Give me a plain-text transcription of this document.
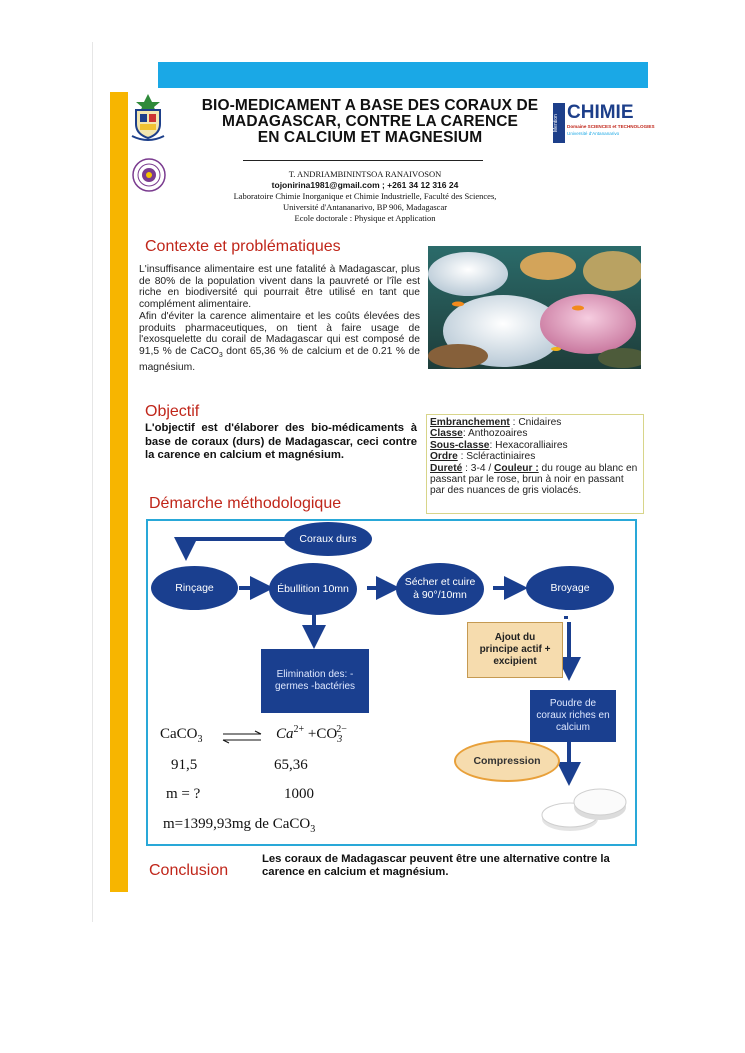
Mention
CHIMIE
Domaine SCIENCES et TECHNOLOGIES
Université d'Antananarivo
BIO-MEDICAMENT A BASE DES CORAUX DE
MADAGASCAR, CONTRE LA CARENCE
EN CALCIUM ET MAGNESIUM
T. ANDRIAMBININTSOA RANAIVOSON
tojonirina1981@gmail.com ; +261 34 12 316 24
Laboratoire Chimie Inorganique et Chimie Industrielle, Faculté des Sciences,
Université d'Antananarivo, BP 906, Madagascar
Ecole doctorale : Physique et Application
Contexte et problématiques
L'insuffisance alimentaire est une fatalité à Madagascar, plus de 80% de la population vivent dans la pauvreté or l'île est riche en biodiversité qui pourrait être utilisé en tant que complément alimentaire.
Afin d'éviter la carence alimentaire et les coûts élevées des produits pharmaceutiques, on tient à faire usage de l'exosquelette du corail de Madagascar qui est composé de 91,5 % de CaCO$_3$ dont 65,36 % de calcium et de 0.21 % de magnésium.
Objectif
L'objectif est d'élaborer des bio-médicaments à base de coraux (durs) de Madagascar, ceci contre la carence en calcium et magnésium.
Embranchement : Cnidaires
Classe: Anthozoaires
Sous-classe: Hexacoralliaires
Ordre : Scléractiniaires
Dureté : 3-4 / Couleur : du rouge au blanc en passant par le rose, brun à noir en passant par des nuances de gris violacés.
Démarche méthodologique
Coraux durs
Rinçage	Ébullition 10mn
Sécher et cuire à 90°/10mn
Broyage
Elimination des: -germes -bactéries
Ajout du principe actif + excipient
Poudre de coraux riches en calcium
Compression
CaCO$_3$ ⇌ $Ca^{2+} +CO_3^{2-}$
91,5	65,36
m = ?	1000
m=1399,93mg de CaCO$_3$
Conclusion
Les coraux de Madagascar peuvent être une alternative contre la carence en calcium et magnésium.
